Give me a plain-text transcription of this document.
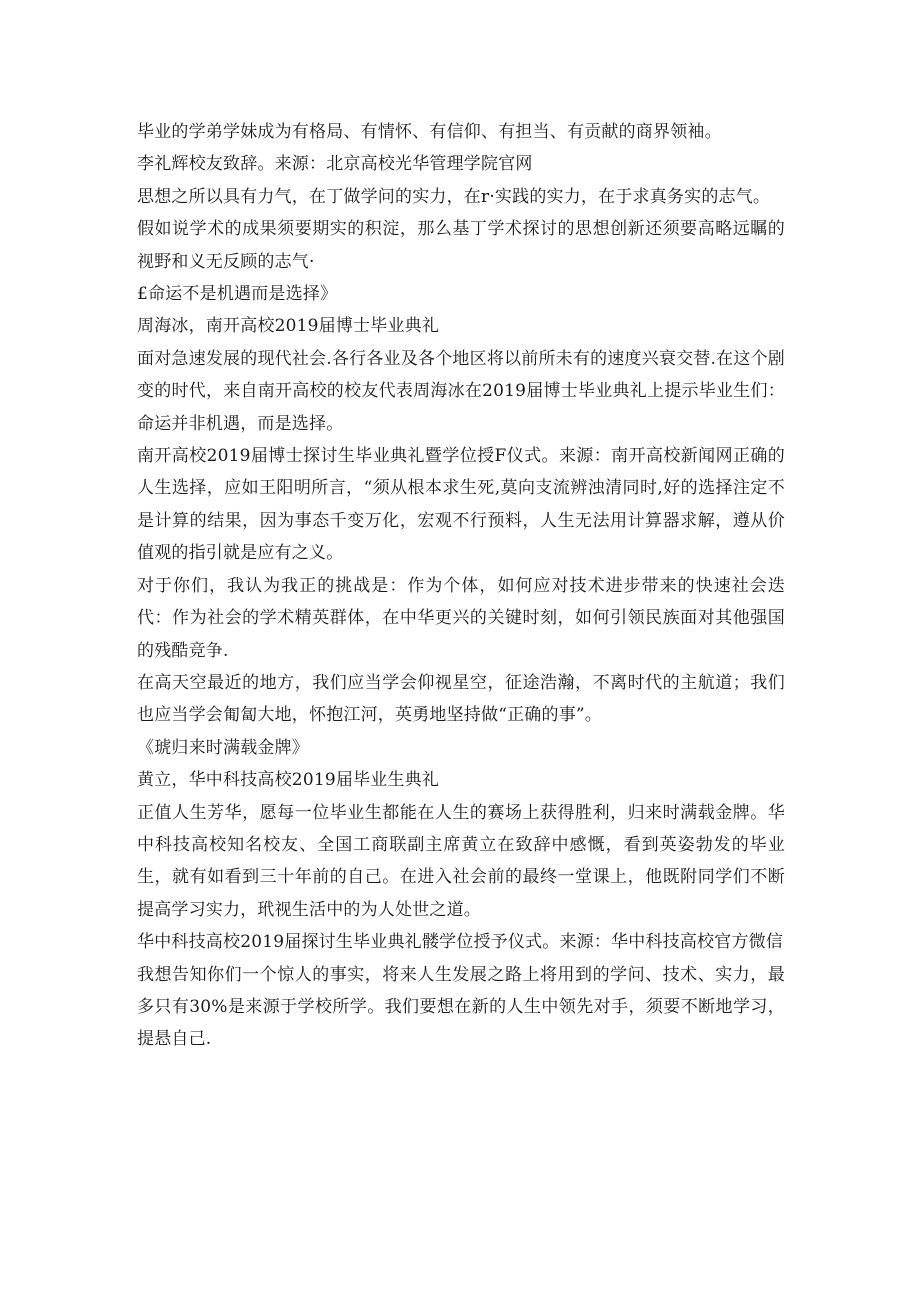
毕业的学弟学妹成为有格局、有情怀、有信仰、有担当、有贡献的商界领袖。

李礼辉校友致辞。来源：北京高校光华管理学院官网

思想之所以具有力气，在丁做学问的实力，在r·实践的实力，在于求真务实的志气。

假如说学术的成果须要期实的积淀，那么基丁学术探讨的思想创新还须要高略远瞩的视野和义无反顾的志气·

£命运不是机遇而是选择》

周海冰，南开高校2019届博士毕业典礼

面对急速发展的现代社会.各行各业及各个地区将以前所未有的速度兴衰交替.在这个剧变的时代，来自南开高校的校友代表周海冰在2019届博士毕业典礼上提示毕业生们：命运并非机遇，而是选择。

南开高校2019届博士探讨生毕业典礼暨学位授F仪式。来源：南开高校新闻网正确的人生选择，应如王阳明所言，“须从根本求生死,莫向支流辨浊清同时,好的选择注定不是计算的结果，因为事态千变万化，宏观不行预料，人生无法用计算器求解，遵从价值观的指引就是应有之义。

对于你们，我认为我正的挑战是：作为个体，如何应对技术进步带来的快速社会迭代：作为社会的学术精英群体，在中华更兴的关键时刻，如何引领民族面对其他强国的残酷竞争.

在高天空最近的地方，我们应当学会仰视星空，征途浩瀚，不离时代的主航道；我们也应当学会匍匐大地，怀抱江河，英勇地坚持做“正确的事”。

《琥归来时满载金牌》

黄立，华中科技高校2019届毕业生典礼

正值人生芳华，愿每一位毕业生都能在人生的赛场上获得胜利，归来时满载金牌。华中科技高校知名校友、全国工商联副主席黄立在致辞中感慨，看到英姿勃发的毕业生，就有如看到三十年前的自己。在进入社会前的最终一堂课上，他既附同学们不断提高学习实力，玳视生活中的为人处世之道。

华中科技高校2019届探讨生毕业典礼髅学位授予仪式。来源：华中科技高校官方微信

我想告知你们一个惊人的事实，将来人生发展之路上将用到的学问、技术、实力，最多只有30%是来源于学校所学。我们要想在新的人生中领先对手，须要不断地学习，提悬自己.
